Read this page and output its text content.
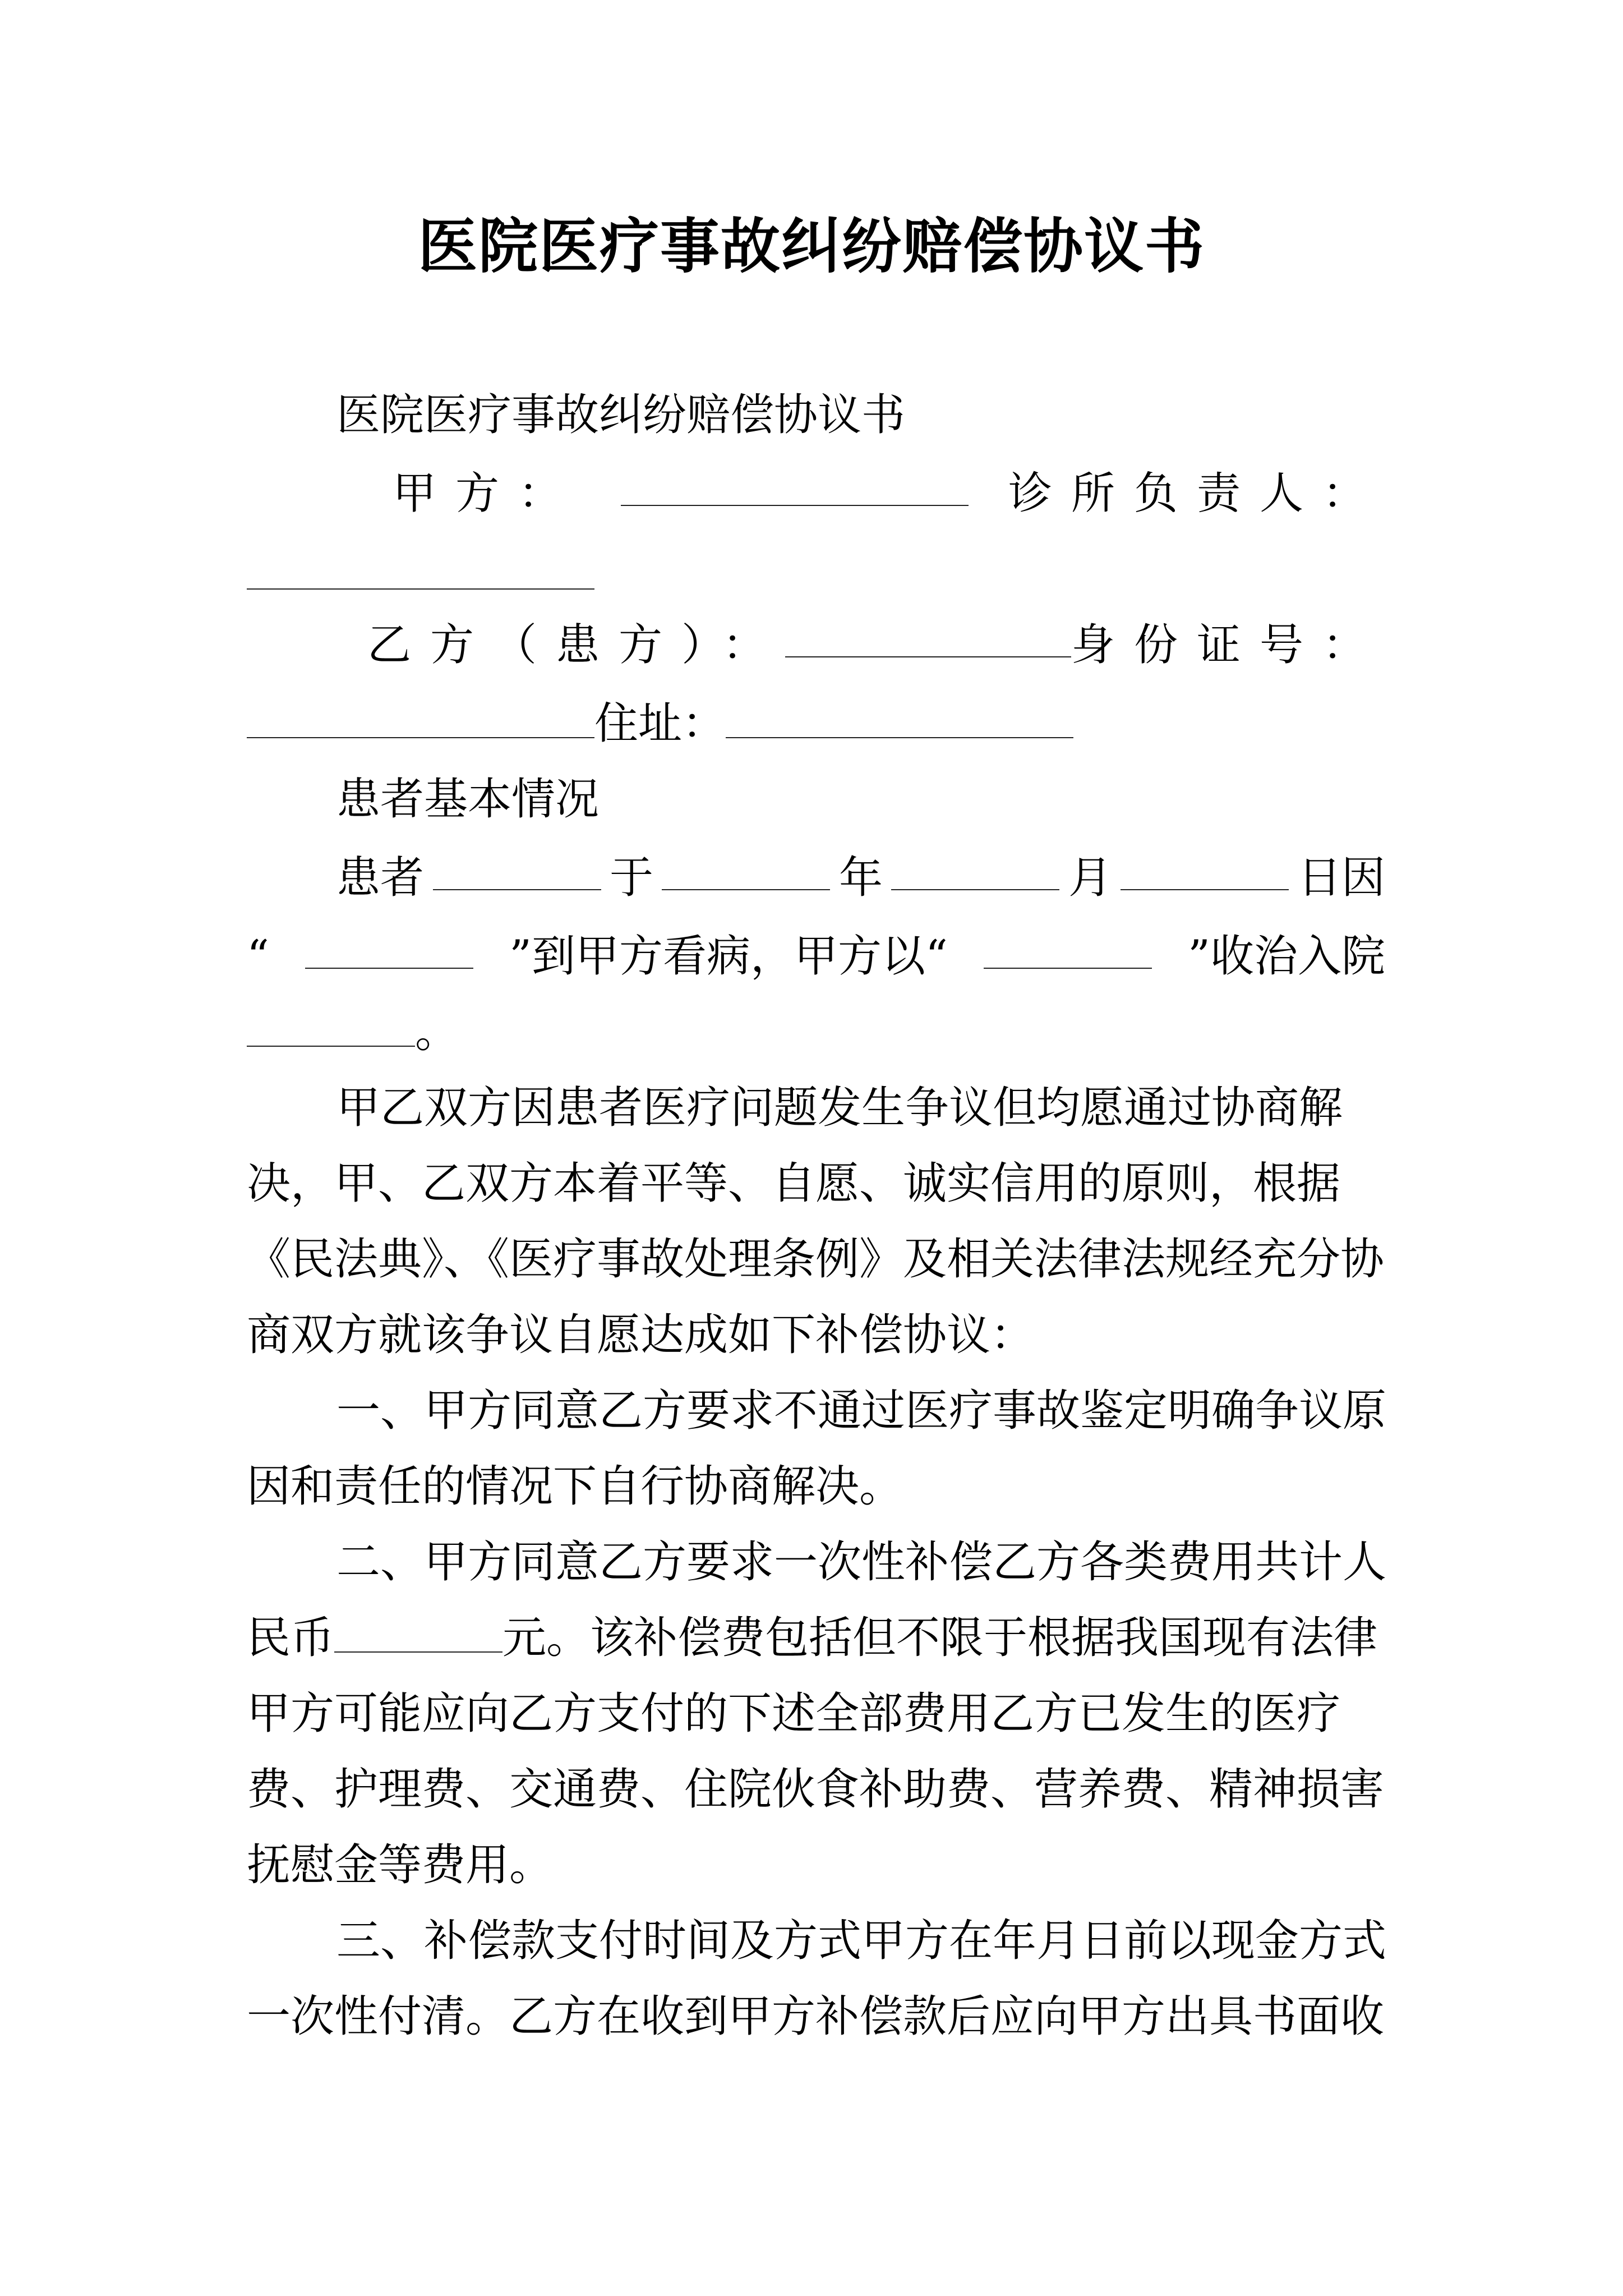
医院医疗事故纠纷赔偿协议书
医院医疗事故纠纷赔偿协议书
甲方：	诊所负责人：
乙方（患方）：	身份证号：
住址：
患者基本情况
患者	于	年	月	日因
“	”到甲方看病，甲方以“	”收治入院
。
甲乙双方因患者医疗问题发生争议但均愿通过协商解
决，甲、乙双方本着平等、自愿、诚实信用的原则，根据
《民法典》、《医疗事故处理条例》及相关法律法规经充分协
商双方就该争议自愿达成如下补偿协议：
一、甲方同意乙方要求不通过医疗事故鉴定明确争议原
因和责任的情况下自行协商解决。
二、甲方同意乙方要求一次性补偿乙方各类费用共计人
民币	元。该补偿费包括但不限于根据我国现有法律
甲方可能应向乙方支付的下述全部费用乙方已发生的医疗
费、护理费、交通费、住院伙食补助费、营养费、精神损害
抚慰金等费用。
三、补偿款支付时间及方式甲方在年月日前以现金方式
一次性付清。乙方在收到甲方补偿款后应向甲方出具书面收
